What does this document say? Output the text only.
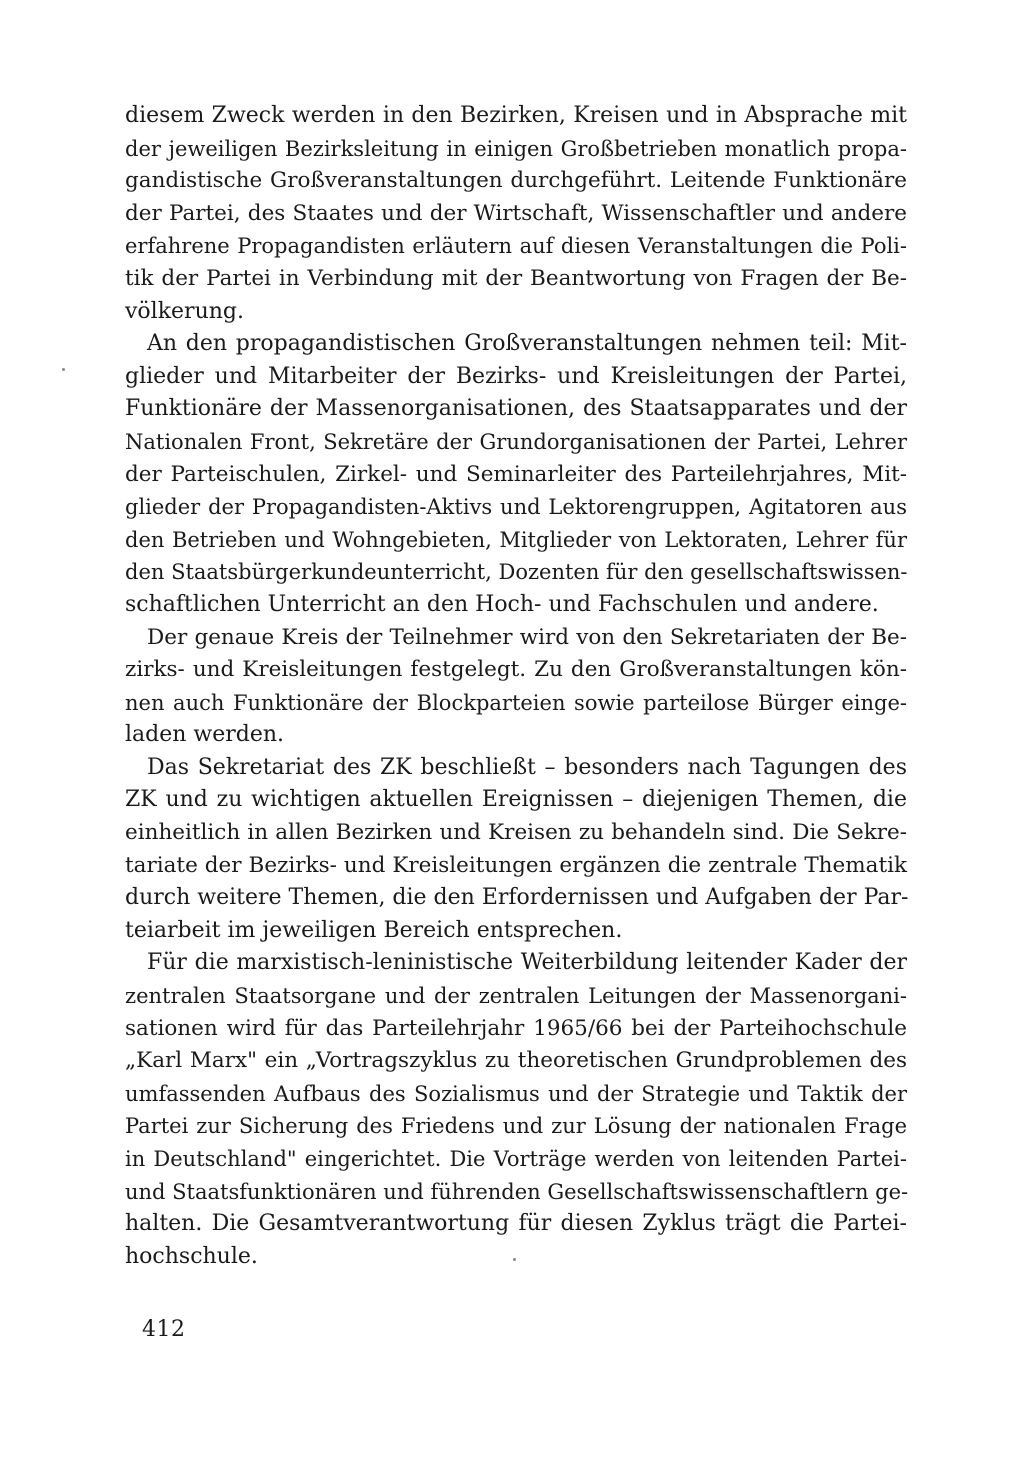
diesem Zweck werden in den Bezirken, Kreisen und in Absprache mit
der jeweiligen Bezirksleitung in einigen Großbetrieben monatlich propa-
gandistische Großveranstaltungen durchgeführt. Leitende Funktionäre
der Partei, des Staates und der Wirtschaft, Wissenschaftler und andere
erfahrene Propagandisten erläutern auf diesen Veranstaltungen die Poli-
tik der Partei in Verbindung mit der Beantwortung von Fragen der Be-
völkerung.
An den propagandistischen Großveranstaltungen nehmen teil: Mit-
glieder und Mitarbeiter der Bezirks- und Kreisleitungen der Partei,
Funktionäre der Massenorganisationen, des Staatsapparates und der
Nationalen Front, Sekretäre der Grundorganisationen der Partei, Lehrer
der Parteischulen, Zirkel- und Seminarleiter des Parteilehrjahres, Mit-
glieder der Propagandisten-Aktivs und Lektorengruppen, Agitatoren aus
den Betrieben und Wohngebieten, Mitglieder von Lektoraten, Lehrer für
den Staatsbürgerkundeunterricht, Dozenten für den gesellschaftswissen-
schaftlichen Unterricht an den Hoch- und Fachschulen und andere.
Der genaue Kreis der Teilnehmer wird von den Sekretariaten der Be-
zirks- und Kreisleitungen festgelegt. Zu den Großveranstaltungen kön-
nen auch Funktionäre der Blockparteien sowie parteilose Bürger einge-
laden werden.
Das Sekretariat des ZK beschließt – besonders nach Tagungen des
ZK und zu wichtigen aktuellen Ereignissen – diejenigen Themen, die
einheitlich in allen Bezirken und Kreisen zu behandeln sind. Die Sekre-
tariate der Bezirks- und Kreisleitungen ergänzen die zentrale Thematik
durch weitere Themen, die den Erfordernissen und Aufgaben der Par-
teiarbeit im jeweiligen Bereich entsprechen.
Für die marxistisch-leninistische Weiterbildung leitender Kader der
zentralen Staatsorgane und der zentralen Leitungen der Massenorgani-
sationen wird für das Parteilehrjahr 1965/66 bei der Parteihochschule
„Karl Marx" ein „Vortragszyklus zu theoretischen Grundproblemen des
umfassenden Aufbaus des Sozialismus und der Strategie und Taktik der
Partei zur Sicherung des Friedens und zur Lösung der nationalen Frage
in Deutschland" eingerichtet. Die Vorträge werden von leitenden Partei-
und Staatsfunktionären und führenden Gesellschaftswissenschaftlern ge-
halten. Die Gesamtverantwortung für diesen Zyklus trägt die Partei-
hochschule.
412
